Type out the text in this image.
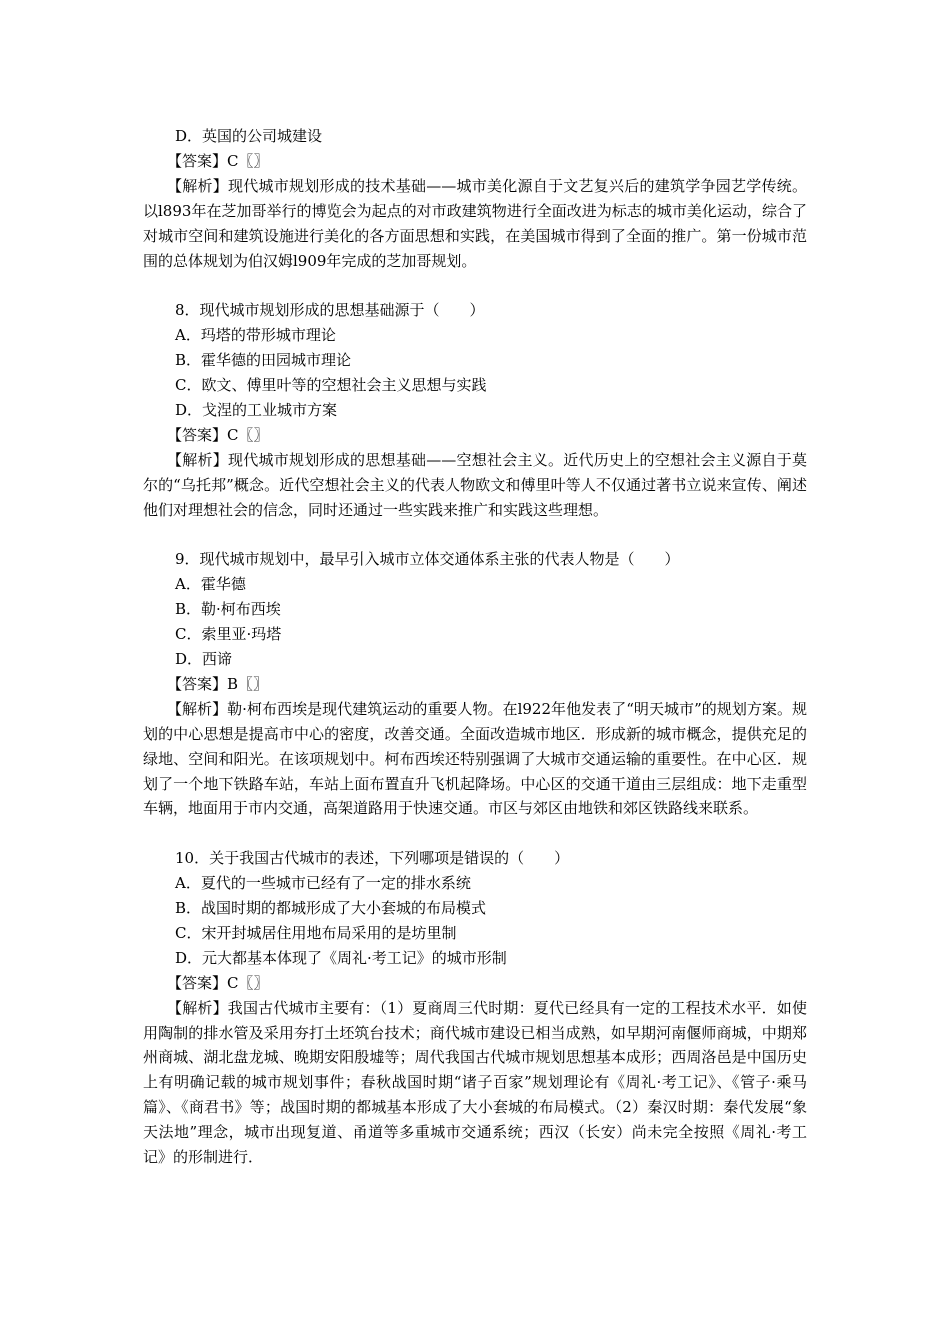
D．英国的公司城建设

【答案】C〖〗

【解析】现代城市规划形成的技术基础——城市美化源自于文艺复兴后的建筑学争园艺学传统。以l893年在芝加哥举行的博览会为起点的对市政建筑物进行全面改进为标志的城市美化运动，综合了对城市空间和建筑设施进行美化的各方面思想和实践，在美国城市得到了全面的推广。第一份城市范围的总体规划为伯汉姆l909年完成的芝加哥规划。

8．现代城市规划形成的思想基础源于（　　）

A．玛塔的带形城市理论

B．霍华德的田园城市理论

C．欧文、傅里叶等的空想社会主义思想与实践

D．戈涅的工业城市方案

【答案】C〖〗

【解析】现代城市规划形成的思想基础——空想社会主义。近代历史上的空想社会主义源自于莫尔的“乌托邦”概念。近代空想社会主义的代表人物欧文和傅里叶等人不仅通过著书立说来宣传、阐述他们对理想社会的信念，同时还通过一些实践来推广和实践这些理想。

9．现代城市规划中，最早引入城市立体交通体系主张的代表人物是（　　）

A．霍华德

B．勒·柯布西埃

C．索里亚·玛塔

D．西谛

【答案】B〖〗

【解析】勒·柯布西埃是现代建筑运动的重要人物。在l922年他发表了“明天城市”的规划方案。规划的中心思想是提高市中心的密度，改善交通。全面改造城市地区．形成新的城市概念，提供充足的绿地、空间和阳光。在该项规划中。柯布西埃还特别强调了大城市交通运输的重要性。在中心区．规划了一个地下铁路车站，车站上面布置直升飞机起降场。中心区的交通干道由三层组成：地下走重型车辆，地面用于市内交通，高架道路用于快速交通。市区与郊区由地铁和郊区铁路线来联系。

10．关于我国古代城市的表述，下列哪项是错误的（　　）

A．夏代的一些城市已经有了一定的排水系统

B．战国时期的都城形成了大小套城的布局模式

C．宋开封城居住用地布局采用的是坊里制

D．元大都基本体现了《周礼·考工记》的城市形制

【答案】C〖〗

【解析】我国古代城市主要有：（1）夏商周三代时期：夏代已经具有一定的工程技术水平．如使用陶制的排水管及采用夯打土坯筑台技术；商代城市建设已相当成熟，如早期河南偃师商城，中期郑州商城、湖北盘龙城、晚期安阳殷墟等；周代我国古代城市规划思想基本成形；西周洛邑是中国历史上有明确记载的城市规划事件；春秋战国时期“诸子百家”规划理论有《周礼·考工记》、《管子·乘马篇》、《商君书》等；战国时期的都城基本形成了大小套城的布局模式。（2）秦汉时期：秦代发展“象天法地”理念，城市出现复道、甬道等多重城市交通系统；西汉（长安）尚未完全按照《周礼·考工记》的形制进行．
